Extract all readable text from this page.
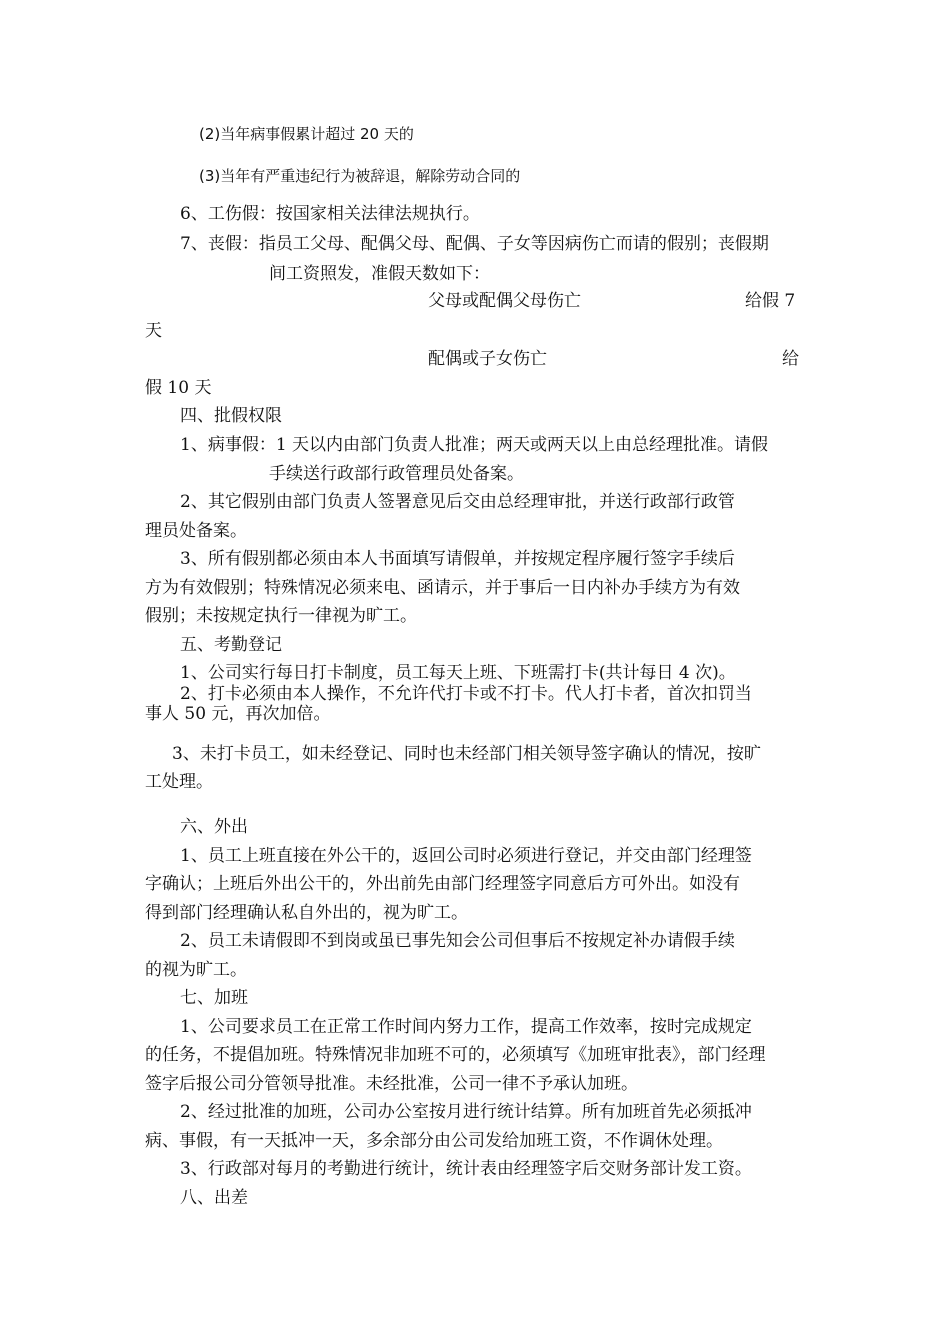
(2)当年病事假累计超过 20 天的
(3)当年有严重违纪行为被辞退，解除劳动合同的
6、工伤假：按国家相关法律法规执行。
7、丧假：指员工父母、配偶父母、配偶、子女等因病伤亡而请的假别；丧假期
间工资照发，准假天数如下：
父母或配偶父母伤亡	给假 7
天
配偶或子女伤亡	给
假 10 天
四、批假权限
1、病事假：1 天以内由部门负责人批准；两天或两天以上由总经理批准。请假
手续送行政部行政管理员处备案。
2、其它假别由部门负责人签署意见后交由总经理审批，并送行政部行政管
理员处备案。
3、所有假别都必须由本人书面填写请假单，并按规定程序履行签字手续后
方为有效假别；特殊情况必须来电、函请示，并于事后一日内补办手续方为有效
假别；未按规定执行一律视为旷工。
五、考勤登记
1、公司实行每日打卡制度，员工每天上班、下班需打卡(共计每日 4 次)。
2、打卡必须由本人操作，不允许代打卡或不打卡。代人打卡者，首次扣罚当
事人 50 元，再次加倍。
3、未打卡员工，如未经登记、同时也未经部门相关领导签字确认的情况，按旷
工处理。
六、外出
1、员工上班直接在外公干的，返回公司时必须进行登记，并交由部门经理签
字确认；上班后外出公干的，外出前先由部门经理签字同意后方可外出。如没有
得到部门经理确认私自外出的，视为旷工。
2、员工未请假即不到岗或虽已事先知会公司但事后不按规定补办请假手续
的视为旷工。
七、加班
1、公司要求员工在正常工作时间内努力工作，提高工作效率，按时完成规定
的任务，不提倡加班。特殊情况非加班不可的，必须填写《加班审批表》，部门经理
签字后报公司分管领导批准。未经批准，公司一律不予承认加班。
2、经过批准的加班，公司办公室按月进行统计结算。所有加班首先必须抵冲
病、事假，有一天抵冲一天，多余部分由公司发给加班工资，不作调休处理。
3、行政部对每月的考勤进行统计，统计表由经理签字后交财务部计发工资。
八、出差
